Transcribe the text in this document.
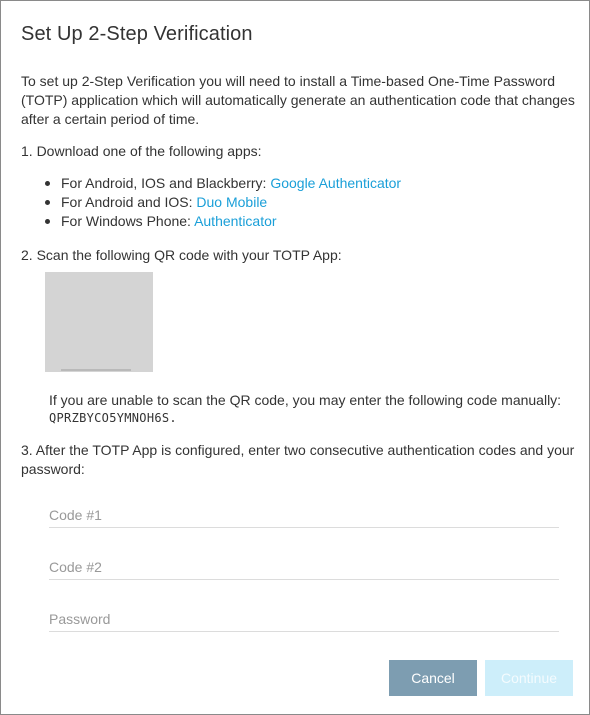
Set Up 2-Step Verification
To set up 2-Step Verification you will need to install a Time-based One-Time Password (TOTP) application which will automatically generate an authentication code that changes after a certain period of time.
1. Download one of the following apps:
For Android, IOS and Blackberry: Google Authenticator
For Android and IOS: Duo Mobile
For Windows Phone: Authenticator
2. Scan the following QR code with your TOTP App:
If you are unable to scan the QR code, you may enter the following code manually:
QPRZBYCO5YMNOH6S.
3. After the TOTP App is configured, enter two consecutive authentication codes and your password:
Code #1
Code #2
Cancel	Continue
